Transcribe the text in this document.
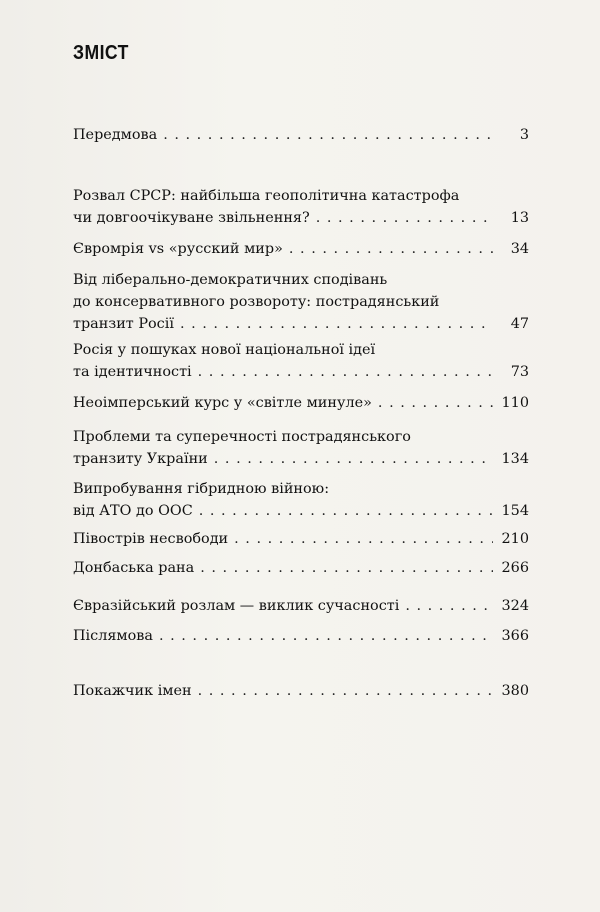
ЗМІСТ
Передмова . . .	3
Розвал СРСР: найбільша геополітична катастрофа
чи довгоочікуване звільнення? . . .	13
Євромрія vs «русский мир» . . .	34
Від ліберально-демократичних сподівань
до консервативного розвороту: пострадянський
транзит Росії . . .	47
Росія у пошуках нової національної ідеї
та ідентичності . . .	73
Неоімперський курс у «світле минуле» . . .	110
Проблеми та суперечності пострадянського
транзиту України . . .	134
Випробування гібридною війною:
від АТО до ООС . . .	154
Півострів несвободи . . .	210
Донбаська рана . . .	266
Євразійський розлам — виклик сучасності . . .	324
Післямова . . .	366
Покажчик імен . . .	380
